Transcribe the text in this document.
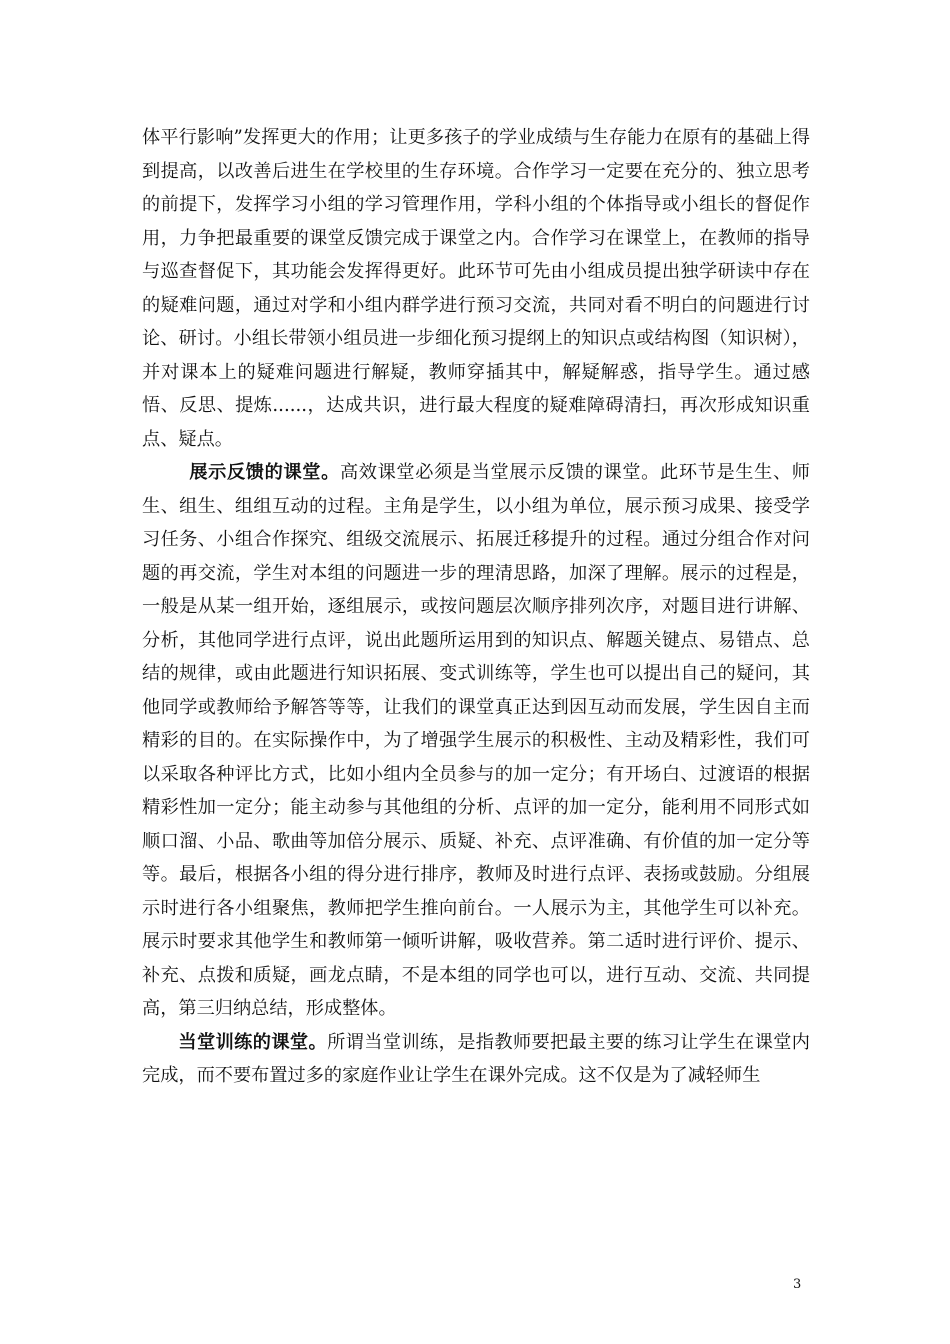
体平行影响”发挥更大的作用；让更多孩子的学业成绩与生存能力在原有的基础上得到提高，以改善后进生在学校里的生存环境。合作学习一定要在充分的、独立思考的前提下，发挥学习小组的学习管理作用，学科小组的个体指导或小组长的督促作用，力争把最重要的课堂反馈完成于课堂之内。合作学习在课堂上，在教师的指导与巡查督促下，其功能会发挥得更好。此环节可先由小组成员提出独学研读中存在的疑难问题，通过对学和小组内群学进行预习交流，共同对看不明白的问题进行讨论、研讨。小组长带领小组员进一步细化预习提纲上的知识点或结构图（知识树），并对课本上的疑难问题进行解疑，教师穿插其中，解疑解惑，指导学生。通过感悟、反思、提炼......，达成共识，进行最大程度的疑难障碍清扫，再次形成知识重点、疑点。

展示反馈的课堂。高效课堂必须是当堂展示反馈的课堂。此环节是生生、师生、组生、组组互动的过程。主角是学生，以小组为单位，展示预习成果、接受学习任务、小组合作探究、组级交流展示、拓展迁移提升的过程。通过分组合作对问题的再交流，学生对本组的问题进一步的理清思路，加深了理解。展示的过程是，一般是从某一组开始，逐组展示，或按问题层次顺序排列次序，对题目进行讲解、分析，其他同学进行点评，说出此题所运用到的知识点、解题关键点、易错点、总结的规律，或由此题进行知识拓展、变式训练等，学生也可以提出自己的疑问，其他同学或教师给予解答等等，让我们的课堂真正达到因互动而发展，学生因自主而精彩的目的。在实际操作中，为了增强学生展示的积极性、主动及精彩性，我们可以采取各种评比方式，比如小组内全员参与的加一定分；有开场白、过渡语的根据精彩性加一定分；能主动参与其他组的分析、点评的加一定分，能利用不同形式如顺口溜、小品、歌曲等加倍分展示、质疑、补充、点评准确、有价值的加一定分等等。最后，根据各小组的得分进行排序，教师及时进行点评、表扬或鼓励。分组展示时进行各小组聚焦，教师把学生推向前台。一人展示为主，其他学生可以补充。展示时要求其他学生和教师第一倾听讲解，吸收营养。第二适时进行评价、提示、补充、点拨和质疑，画龙点睛，不是本组的同学也可以，进行互动、交流、共同提高，第三归纳总结，形成整体。

当堂训练的课堂。所谓当堂训练，是指教师要把最主要的练习让学生在课堂内完成，而不要布置过多的家庭作业让学生在课外完成。这不仅是为了减轻师生

3
